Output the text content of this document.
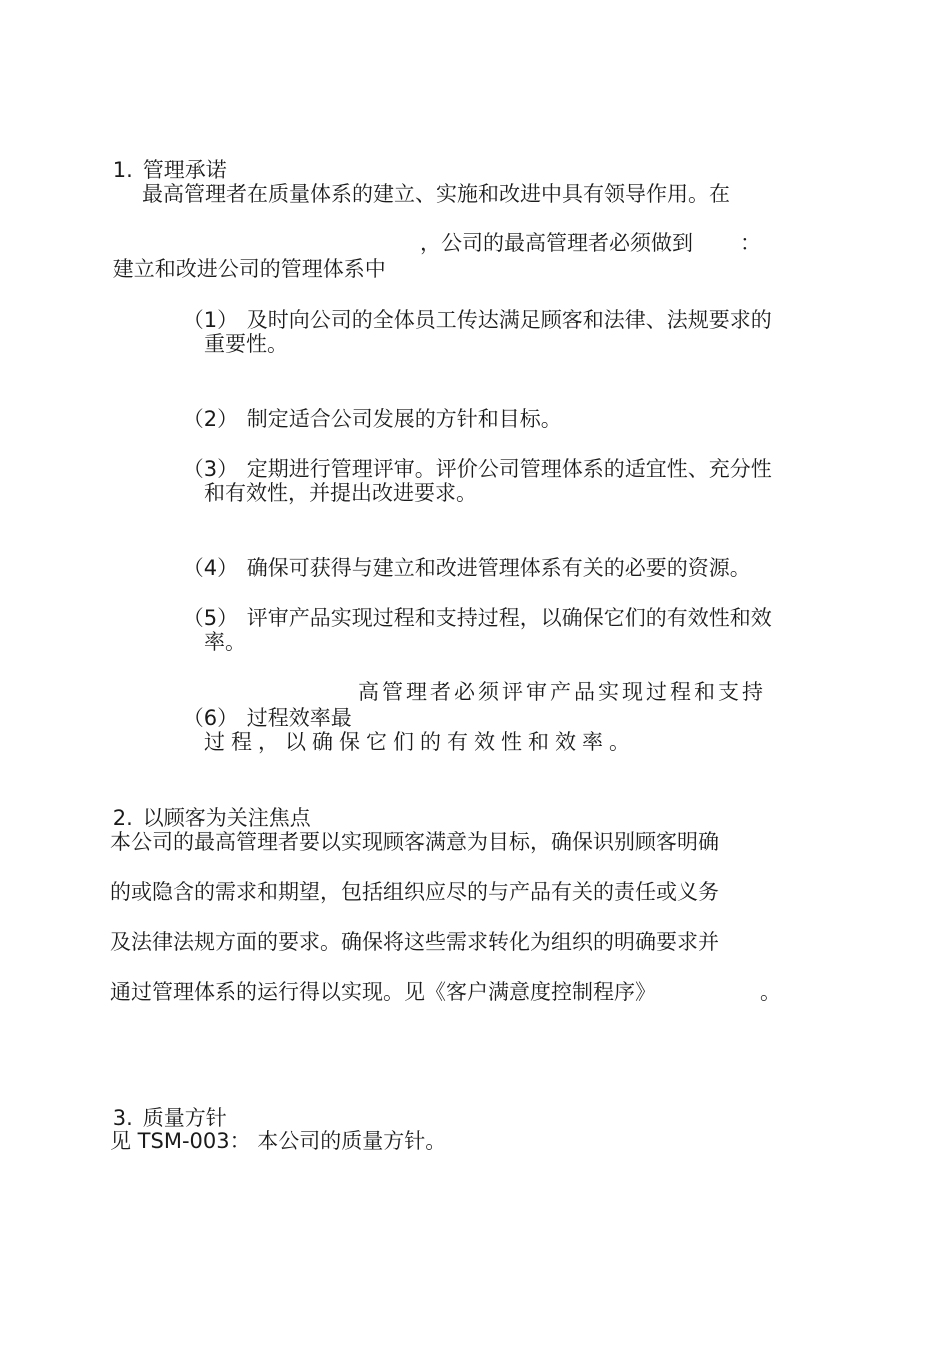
1. 管理承诺

最高管理者在质量体系的建立、实施和改进中具有领导作用。在

建立和改进公司的管理体系中

，公司的最高管理者必须做到 ：

（1） 及时向公司的全体员工传达满足顾客和法律、法规要求的

重要性。

（2） 制定适合公司发展的方针和目标。

（3） 定期进行管理评审。评价公司管理体系的适宜性、充分性

和有效性，并提出改进要求。

（4） 确保可获得与建立和改进管理体系有关的必要的资源。

（5） 评审产品实现过程和支持过程，以确保它们的有效性和效

率。

（6） 过程效率最

高管理者必须评审产品实现过程和支持
过程，以确保它们的有效性和效率。

2. 以顾客为关注焦点

本公司的最高管理者要以实现顾客满意为目标，确保识别顾客明确
的或隐含的需求和期望，包括组织应尽的与产品有关的责任或义务
及法律法规方面的要求。确保将这些需求转化为组织的明确要求并
通过管理体系的运行得以实现。见《客户满意度控制程序》	。

3. 质量方针

见 TSM-003： 本公司的质量方针。
